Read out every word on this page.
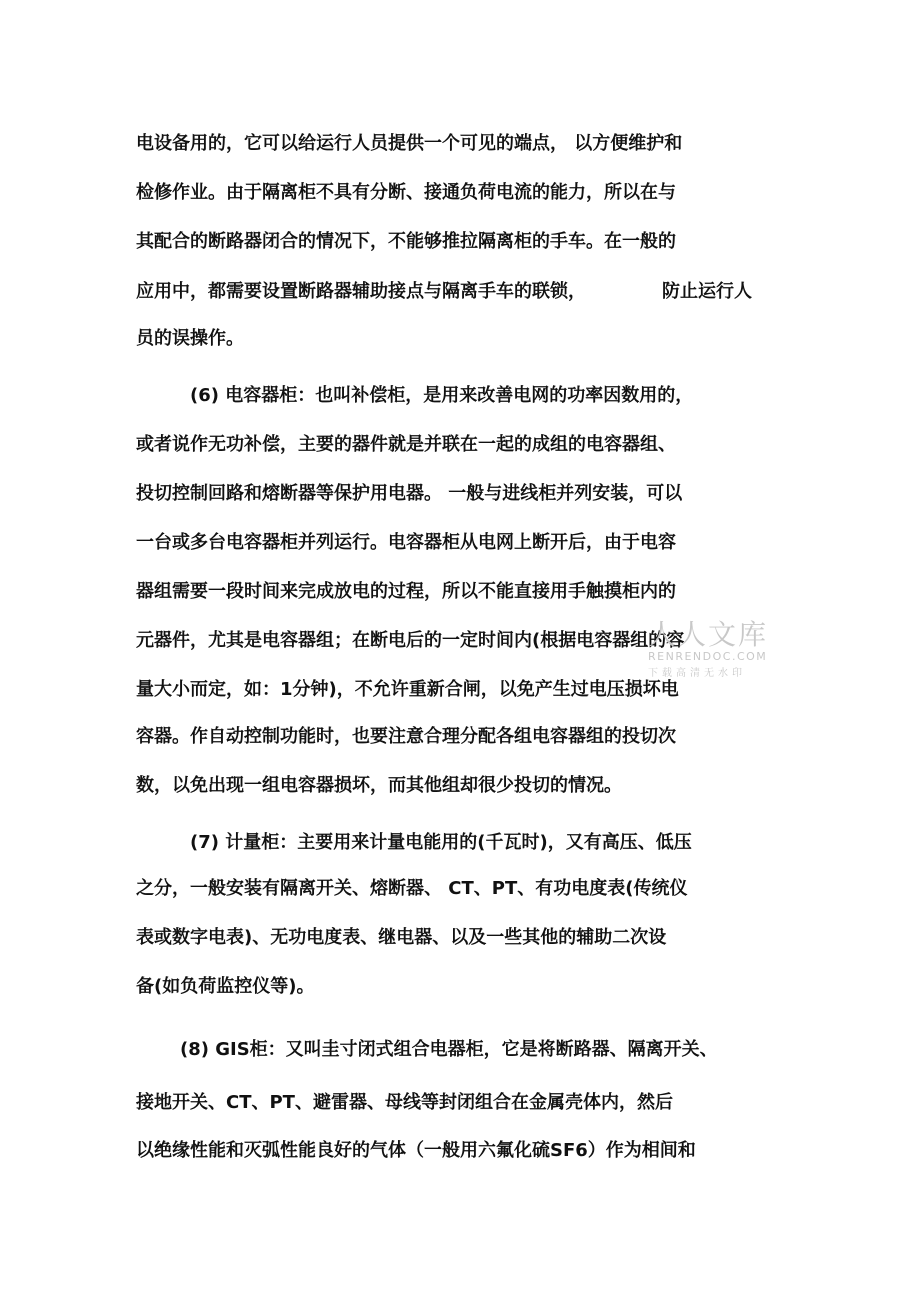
电设备用的，它可以给运行人员提供一个可见的端点， 以方便维护和
检修作业。由于隔离柜不具有分断、接通负荷电流的能力，所以在与
其配合的断路器闭合的情况下，不能够推拉隔离柜的手车。在一般的
应用中，都需要设置断路器辅助接点与隔离手车的联锁，	防止运行人
员的误操作。
(6) 电容器柜：也叫补偿柜，是用来改善电网的功率因数用的，
或者说作无功补偿，主要的器件就是并联在一起的成组的电容器组、
投切控制回路和熔断器等保护用电器。 一般与进线柜并列安装，可以
一台或多台电容器柜并列运行。电容器柜从电网上断开后，由于电容
器组需要一段时间来完成放电的过程，所以不能直接用手触摸柜内的
元器件，尤其是电容器组；在断电后的一定时间内(根据电容器组的容
量大小而定，如：1分钟)，不允许重新合闸，以免产生过电压损坏电
容器。作自动控制功能时，也要注意合理分配各组电容器组的投切次
数，以免出现一组电容器损坏，而其他组却很少投切的情况。
(7) 计量柜：主要用来计量电能用的(千瓦时)，又有高压、低压
之分，一般安装有隔离开关、熔断器、 CT、PT、有功电度表(传统仪
表或数字电表)、无功电度表、继电器、以及一些其他的辅助二次设
备(如负荷监控仪等)。
(8) GIS柜：又叫圭寸闭式组合电器柜，它是将断路器、隔离开关、
接地开关、CT、PT、避雷器、母线等封闭组合在金属壳体内，然后
以绝缘性能和灭弧性能良好的气体（一般用六氟化硫SF6）作为相间和
人人文库
RENRENDOC.COM
下载高清无水印
